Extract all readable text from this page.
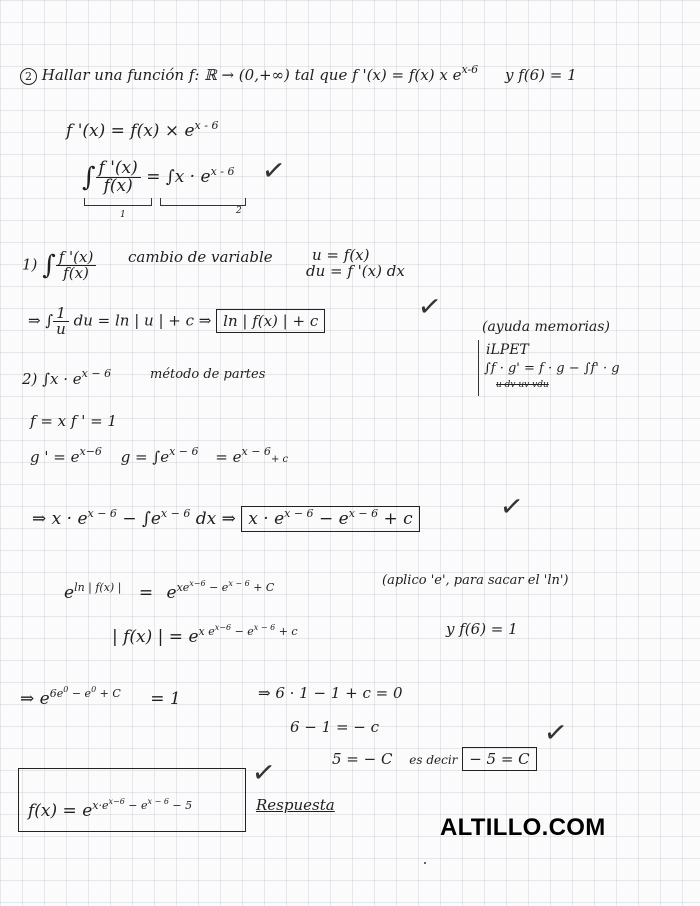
2 Hallar una función f: ℝ → (0,+∞) tal que f '(x) = f(x) x $e^{x-6}$ y f(6) = 1
f '$(x) = f(x) \times e^{x - 6}$
∫ $\frac{f '(x)}{f(x)} = \int x \cdot e^{x - 6}$
1	2
✓
1) ∫ $\frac{f '(x)}{f(x)}$ cambio de variable	u = f(x)
du = f '(x) dx
⇒ ∫ $\frac{1}{u}$ du = ln | u | + c ⇒ ln | f(x) | + c	✓
(ayuda memorias)
iLPET
∫f · g' = f · g − ∫f' · g
u dv uv vdu
2) $\int x \cdot e^{x - 6}$	método de partes
f = x f ' = 1
g ' = $e^{x-6}$ $g = \int e^{x - 6} = e^{x - 6}+ c$
⇒ $x \cdot e^{x - 6} - \int e^{x - 6}$ dx ⇒ $x \cdot e^{x - 6} - e^{x - 6} + c$	✓
$e^{ln | f(x) |} = e^{xe^{x-6} - e^{x - 6} + C}$	(aplico 'e', para sacar el 'ln')
| f(x) | = $e^{x e^{x-6} - e^{x - 6} + c}$	y f(6) = 1
⇒ $e^{6e^0 - e^0 + C} = 1$	⇒ 6 · 1 − 1 + c = 0
6 − 1 = − c
5 = − C es decir − 5 = C
✓
$f(x) = e^{x\cdot e^{x-6} - e^{x - 6} - 5}$
✓
Respuesta
ALTILLO.COM
